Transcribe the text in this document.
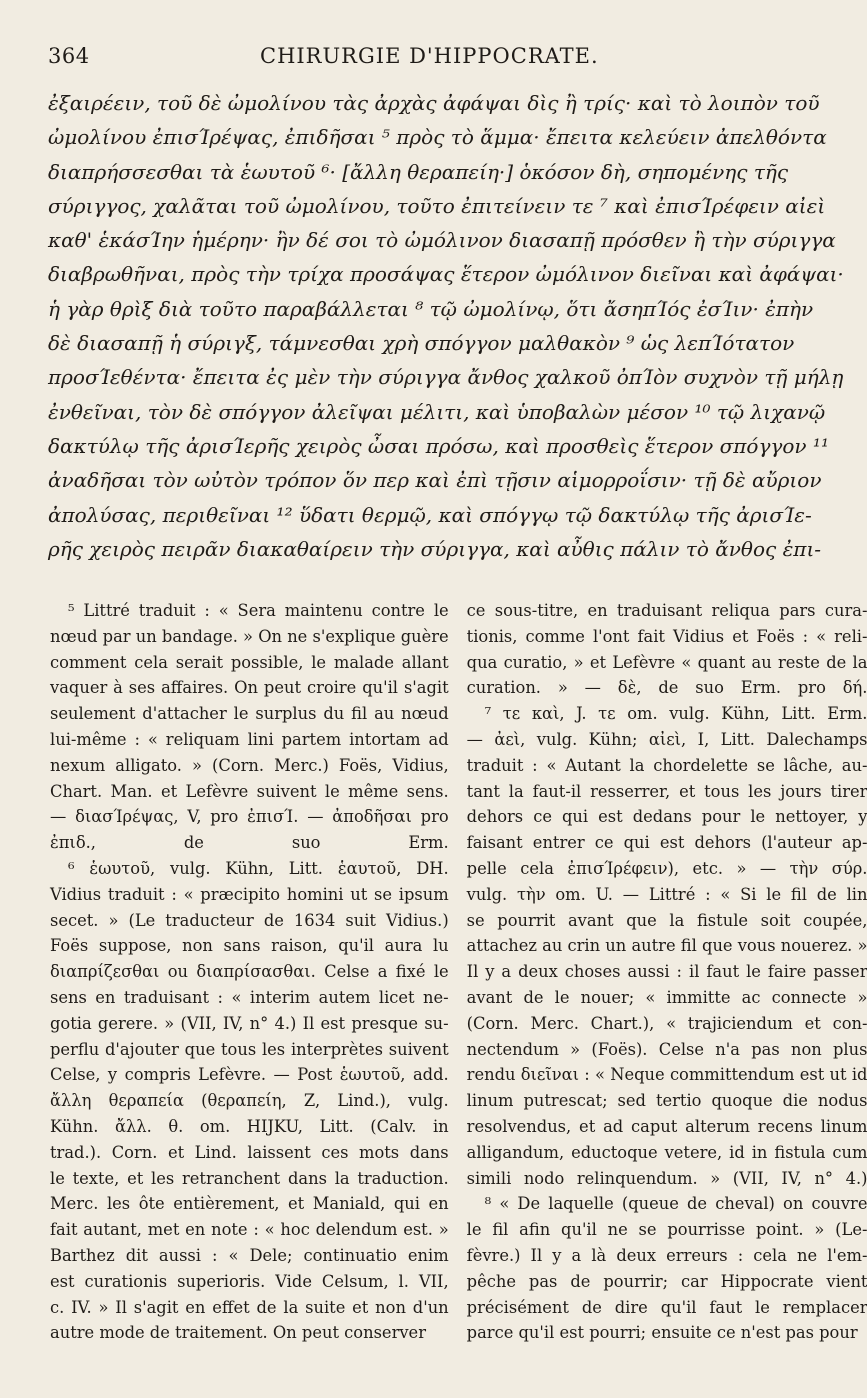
364	CHIRURGIE D'HIPPOCRATE.
ἐξαιρέειν, τοῦ δὲ ὠμολίνου τὰς ἀρχὰς ἀφάψαι δὶς ἢ τρίς· καὶ τὸ λοιπὸν τοῦ
ὠμολίνου ἐπισΊρέψας, ἐπιδῆσαι ⁵ πρὸς τὸ ἅμμα· ἔπειτα κελεύειν ἀπελθόντα
διαπρήσσεσθαι τὰ ἑωυτοῦ ⁶· [ἄλλη θεραπείη·] ὁκόσον δὴ, σηπομένης τῆς
σύριγγος, χαλᾶται τοῦ ὠμολίνου, τοῦτο ἐπιτείνειν τε ⁷ καὶ ἐπισΊρέφειν αἰεὶ
καθ' ἑκάσΊην ἡμέρην· ἢν δέ σοι τὸ ὠμόλινον διασαπῇ πρόσθεν ἢ τὴν σύριγγα
διαβρωθῆναι, πρὸς τὴν τρίχα προσάψας ἕτερον ὠμόλινον διεῖναι καὶ ἀφάψαι·
ἡ γὰρ θρὶξ διὰ τοῦτο παραβάλλεται ⁸ τῷ ὠμολίνῳ, ὅτι ἄσηπΊός ἐσΊιν· ἐπὴν
δὲ διασαπῇ ἡ σύριγξ, τάμνεσθαι χρὴ σπόγγον μαλθακὸν ⁹ ὡς λεπΊότατον
προσΊεθέντα· ἔπειτα ἐς μὲν τὴν σύριγγα ἄνθος χαλκοῦ ὀπΊὸν συχνὸν τῇ μήλῃ
ἐνθεῖναι, τὸν δὲ σπόγγον ἀλεῖψαι μέλιτι, καὶ ὑποβαλὼν μέσον ¹⁰ τῷ λιχανῷ
δακτύλῳ τῆς ἀρισΊερῆς χειρὸς ὦσαι πρόσω, καὶ προσθεὶς ἕτερον σπόγγον ¹¹
ἀναδῆσαι τὸν ωὐτὸν τρόπον ὅν περ καὶ ἐπὶ τῇσιν αἱμορροΐσιν· τῇ δὲ αὔριον
ἀπολύσας, περιθεῖναι ¹² ὕδατι θερμῷ, καὶ σπόγγῳ τῷ δακτύλῳ τῆς ἀρισΊε-
ρῆς χειρὸς πειρᾶν διακαθαίρειν τὴν σύριγγα, καὶ αὖθις πάλιν τὸ ἄνθος ἐπι-
⁵ Littré traduit : « Sera maintenu contre le
nœud par un bandage. » On ne s'explique guère
comment cela serait possible, le malade allant
vaquer à ses affaires. On peut croire qu'il s'agit
seulement d'attacher le surplus du fil au nœud
lui-même : « reliquam lini partem intortam ad
nexum alligato. » (Corn. Merc.) Foës, Vidius,
Chart. Man. et Lefèvre suivent le même sens.
— διασΊρέψας, V, pro ἐπισΊ. — ἀποδῆσαι pro
ἐπιδ., de suo Erm.
⁶ ἑωυτοῦ, vulg. Kühn, Litt. ἑαυτοῦ, DH.
Vidius traduit : « præcipito homini ut se ipsum
secet. » (Le traducteur de 1634 suit Vidius.)
Foës suppose, non sans raison, qu'il aura lu
διαπρίζεσθαι ou διαπρίσασθαι. Celse a fixé le
sens en traduisant : « interim autem licet ne-
gotia gerere. » (VII, IV, n° 4.) Il est presque su-
perflu d'ajouter que tous les interprètes suivent
Celse, y compris Lefèvre. — Post ἑωυτοῦ, add.
ἄλλη θεραπεία (θεραπείη, Z, Lind.), vulg.
Kühn. ἄλλ. θ. om. HIJKU, Litt. (Calv. in
trad.). Corn. et Lind. laissent ces mots dans
le texte, et les retranchent dans la traduction.
Merc. les ôte entièrement, et Maniald, qui en
fait autant, met en note : « hoc delendum est. »
Barthez dit aussi : « Dele; continuatio enim
est curationis superioris. Vide Celsum, l. VII,
c. IV. » Il s'agit en effet de la suite et non d'un
autre mode de traitement. On peut conserver
ce sous-titre, en traduisant reliqua pars cura-
tionis, comme l'ont fait Vidius et Foës : « reli-
qua curatio, » et Lefèvre « quant au reste de la
curation. » — δὲ, de suo Erm. pro δή.
⁷ τε καὶ, J. τε om. vulg. Kühn, Litt. Erm.
— ἀεὶ, vulg. Kühn; αἰεὶ, I, Litt. Dalechamps
traduit : « Autant la chordelette se lâche, au-
tant la faut-il resserrer, et tous les jours tirer
dehors ce qui est dedans pour le nettoyer, y
faisant entrer ce qui est dehors (l'auteur ap-
pelle cela ἐπισΊρέφειν), etc. » — τὴν σύρ.
vulg. τὴν om. U. — Littré : « Si le fil de lin
se pourrit avant que la fistule soit coupée,
attachez au crin un autre fil que vous nouerez. »
Il y a deux choses aussi : il faut le faire passer
avant de le nouer; « immitte ac connecte »
(Corn. Merc. Chart.), « trajiciendum et con-
nectendum » (Foës). Celse n'a pas non plus
rendu διεῖναι : « Neque committendum est ut id
linum putrescat; sed tertio quoque die nodus
resolvendus, et ad caput alterum recens linum
alligandum, eductoque vetere, id in fistula cum
simili nodo relinquendum. » (VII, IV, n° 4.)
⁸ « De laquelle (queue de cheval) on couvre
le fil afin qu'il ne se pourrisse point. » (Le-
fèvre.) Il y a là deux erreurs : cela ne l'em-
pêche pas de pourrir; car Hippocrate vient
précisément de dire qu'il faut le remplacer
parce qu'il est pourri; ensuite ce n'est pas pour
